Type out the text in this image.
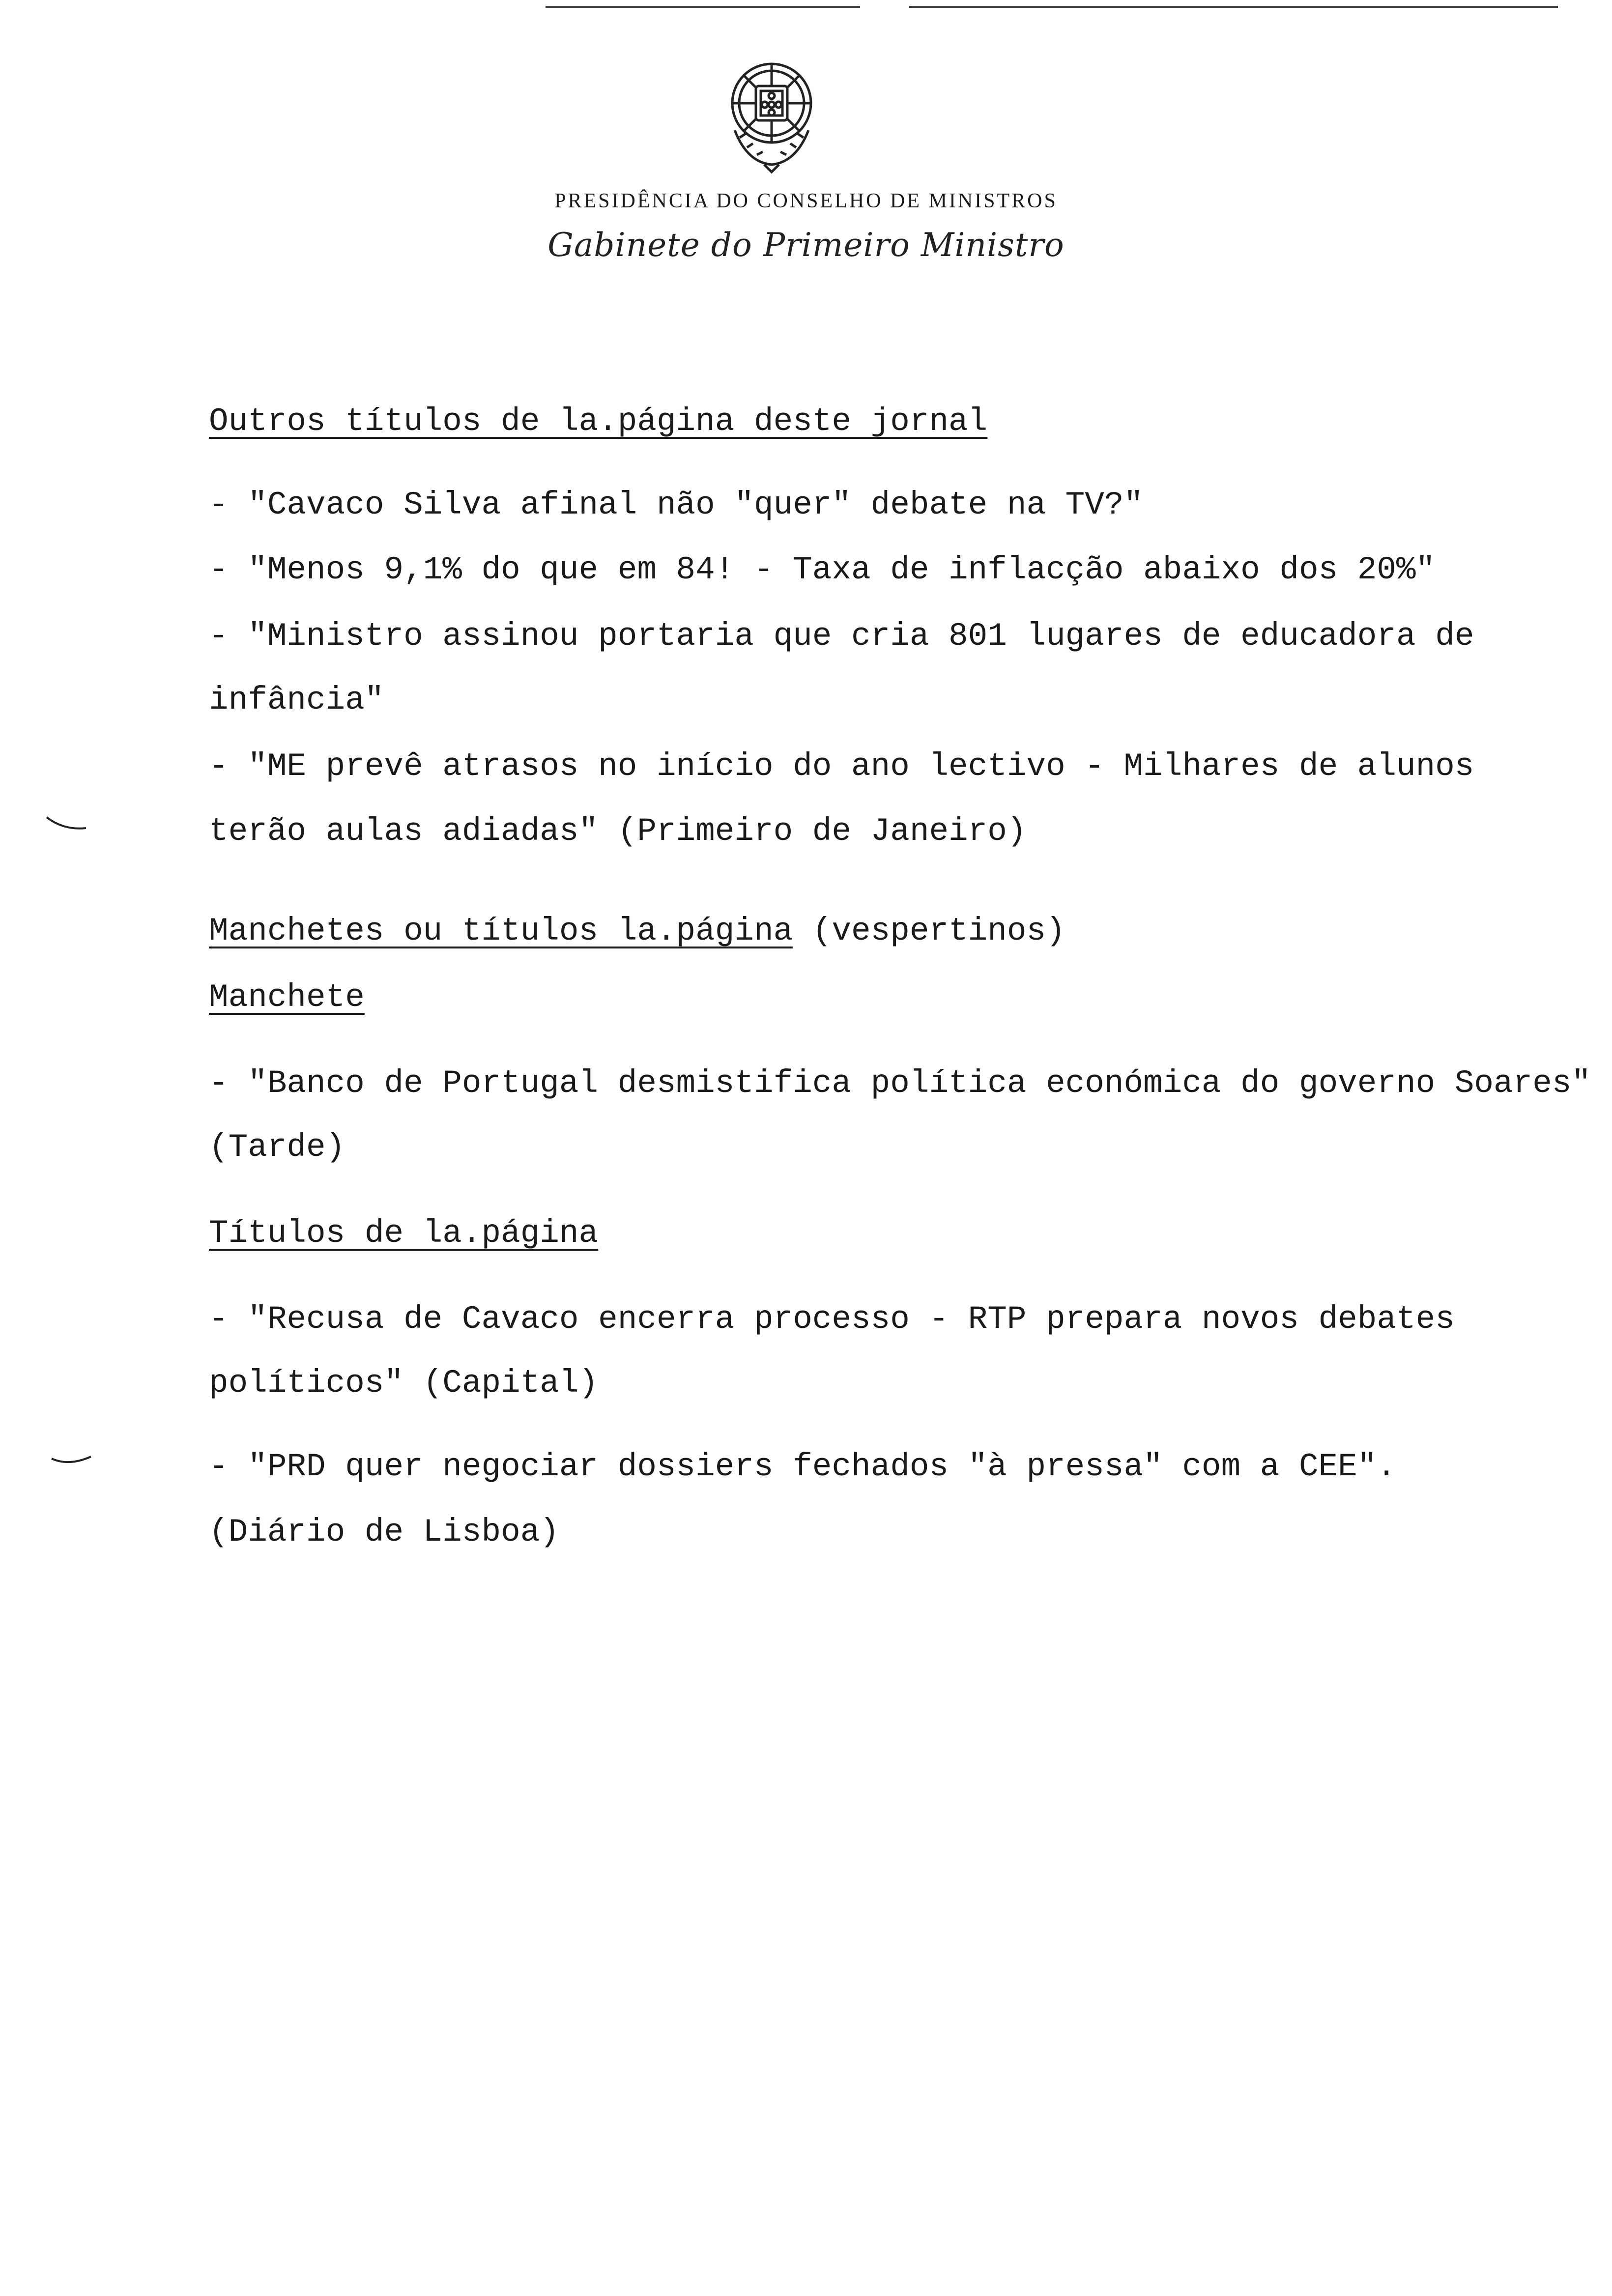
PRESIDÊNCIA DO CONSELHO DE MINISTROS
Gabinete do Primeiro Ministro
Outros títulos de la.página deste jornal
- "Cavaco Silva afinal não "quer" debate na TV?"
- "Menos 9,1% do que em 84! - Taxa de inflacção abaixo dos 20%"
- "Ministro assinou portaria que cria 801 lugares de educadora de
infância"
- "ME prevê atrasos no início do ano lectivo - Milhares de alunos
terão aulas adiadas" (Primeiro de Janeiro)
Manchetes ou títulos la.página (vespertinos)
Manchete
- "Banco de Portugal desmistifica política económica do governo Soares"
(Tarde)
Títulos de la.página
- "Recusa de Cavaco encerra processo - RTP prepara novos debates
políticos" (Capital)
- "PRD quer negociar dossiers fechados "à pressa" com a CEE".
(Diário de Lisboa)
